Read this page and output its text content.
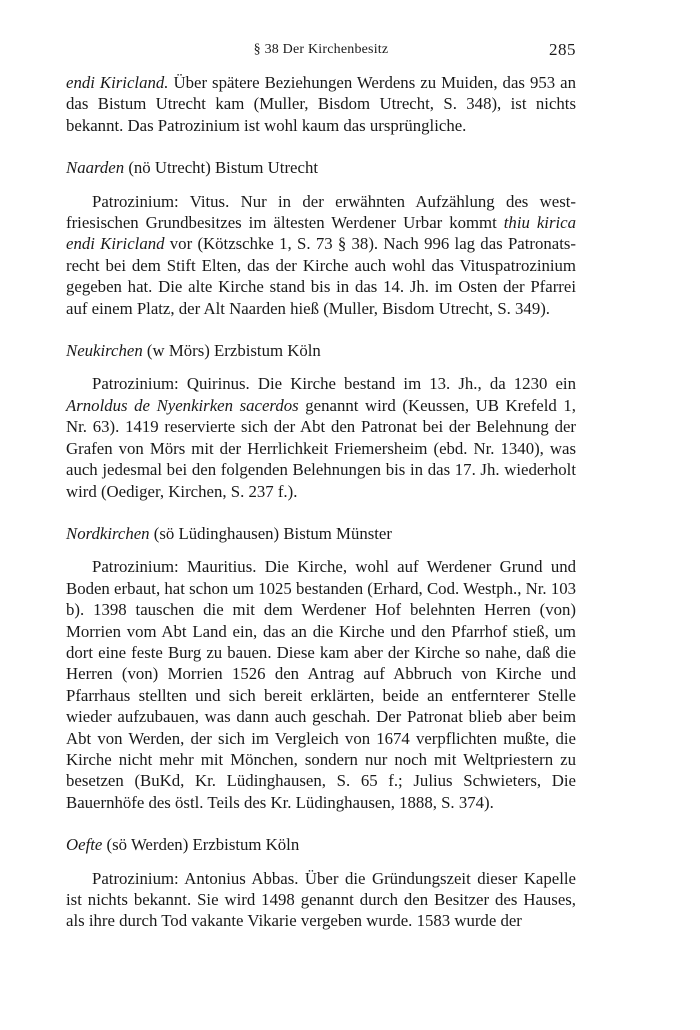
§ 38 Der Kirchenbesitz	285

endi Kiricland. Über spätere Beziehungen Werdens zu Muiden, das 953 an das Bistum Utrecht kam (Muller, Bisdom Utrecht, S. 348), ist nichts bekannt. Das Patrozinium ist wohl kaum das ursprüngliche.

Naarden (nö Utrecht) Bistum Utrecht

Patrozinium: Vitus. Nur in der erwähnten Aufzählung des westfriesischen Grundbesitzes im ältesten Werdener Urbar kommt thiu kirica endi Kiricland vor (Kötzschke 1, S. 73 § 38). Nach 996 lag das Patronatsrecht bei dem Stift Elten, das der Kirche auch wohl das Vituspatrozinium gegeben hat. Die alte Kirche stand bis in das 14. Jh. im Osten der Pfarrei auf einem Platz, der Alt Naarden hieß (Muller, Bisdom Utrecht, S. 349).

Neukirchen (w Mörs) Erzbistum Köln

Patrozinium: Quirinus. Die Kirche bestand im 13. Jh., da 1230 ein Arnoldus de Nyenkirken sacerdos genannt wird (Keussen, UB Krefeld 1, Nr. 63). 1419 reservierte sich der Abt den Patronat bei der Belehnung der Grafen von Mörs mit der Herrlichkeit Friemersheim (ebd. Nr. 1340), was auch jedesmal bei den folgenden Belehnungen bis in das 17. Jh. wiederholt wird (Oediger, Kirchen, S. 237 f.).

Nordkirchen (sö Lüdinghausen) Bistum Münster

Patrozinium: Mauritius. Die Kirche, wohl auf Werdener Grund und Boden erbaut, hat schon um 1025 bestanden (Erhard, Cod. Westph., Nr. 103 b). 1398 tauschen die mit dem Werdener Hof belehnten Herren (von) Morrien vom Abt Land ein, das an die Kirche und den Pfarrhof stieß, um dort eine feste Burg zu bauen. Diese kam aber der Kirche so nahe, daß die Herren (von) Morrien 1526 den Antrag auf Abbruch von Kirche und Pfarrhaus stellten und sich bereit erklärten, beide an entfernterer Stelle wieder aufzubauen, was dann auch geschah. Der Patronat blieb aber beim Abt von Werden, der sich im Vergleich von 1674 verpflichten mußte, die Kirche nicht mehr mit Mönchen, sondern nur noch mit Weltpriestern zu besetzen (BuKd, Kr. Lüdinghausen, S. 65 f.; Julius Schwieters, Die Bauernhöfe des östl. Teils des Kr. Lüdinghausen, 1888, S. 374).

Oefte (sö Werden) Erzbistum Köln

Patrozinium: Antonius Abbas. Über die Gründungszeit dieser Kapelle ist nichts bekannt. Sie wird 1498 genannt durch den Besitzer des Hauses, als ihre durch Tod vakante Vikarie vergeben wurde. 1583 wurde der
